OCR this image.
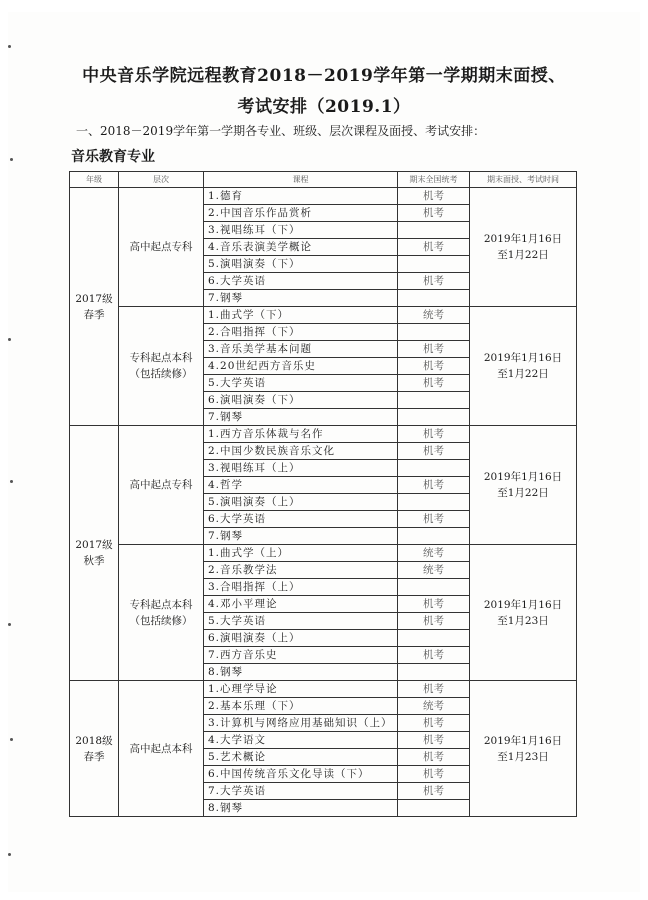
中央音乐学院远程教育2018－2019学年第一学期期末面授、
考试安排（2019.1）
一、2018－2019学年第一学期各专业、班级、层次课程及面授、考试安排：
音乐教育专业
年级	层次	课程	期末全国统考	期末面授、考试时间
2017级
春季	高中起点专科	1.德育	机考	2019年1月16日
至1月22日
		2.中国音乐作品赏析	机考	
		3.视唱练耳（下）		
		4.音乐表演美学概论	机考	
		5.演唱演奏（下）		
		6.大学英语	机考	
		7.钢琴		
	专科起点本科
（包括续修）	1.曲式学（下）	统考	2019年1月16日
至1月22日
		2.合唱指挥（下）		
		3.音乐美学基本问题	机考	
		4.20世纪西方音乐史	机考	
		5.大学英语	机考	
		6.演唱演奏（下）		
		7.钢琴		
2017级
秋季	高中起点专科	1.西方音乐体裁与名作	机考	2019年1月16日
至1月22日
		2.中国少数民族音乐文化	机考	
		3.视唱练耳（上）		
		4.哲学	机考	
		5.演唱演奏（上）		
		6.大学英语	机考	
		7.钢琴		
	专科起点本科
（包括续修）	1.曲式学（上）	统考	2019年1月16日
至1月23日
		2.音乐教学法	统考	
		3.合唱指挥（上）		
		4.邓小平理论	机考	
		5.大学英语	机考	
		6.演唱演奏（上）		
		7.西方音乐史	机考	
		8.钢琴		
2018级
春季	高中起点本科	1.心理学导论	机考	2019年1月16日
至1月23日
		2.基本乐理（下）	统考	
		3.计算机与网络应用基础知识（上）	机考	
		4.大学语文	机考	
		5.艺术概论	机考	
		6.中国传统音乐文化导读（下）	机考	
		7.大学英语	机考	
		8.钢琴		
